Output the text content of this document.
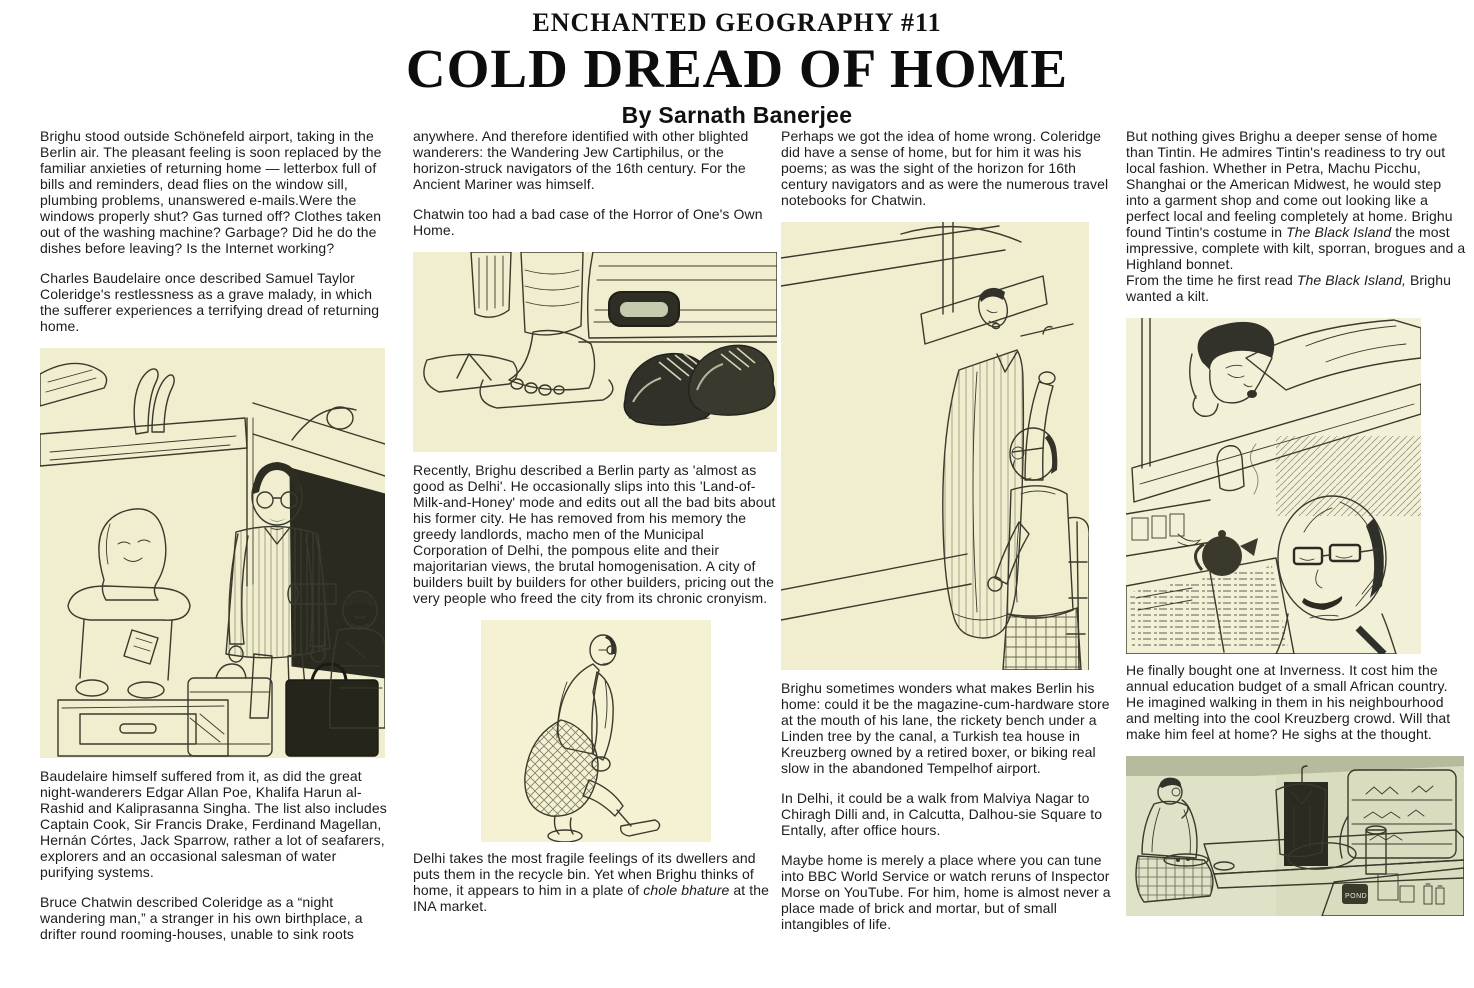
ENCHANTED GEOGRAPHY #11
COLD DREAD OF HOME
By Sarnath Banerjee

Brighu stood outside Schönefeld airport, taking in the Berlin air. The pleasant feeling is soon replaced by the familiar anxieties of returning home — letterbox full of bills and reminders, dead flies on the window sill, plumbing problems, unanswered e-mails.Were the windows properly shut? Gas turned off? Clothes taken out of the washing machine? Garbage? Did he do the dishes before leaving? Is the Internet working?

Charles Baudelaire once described Samuel Taylor Coleridge's restlessness as a grave malady, in which the sufferer experiences a terrifying dread of returning home.

Baudelaire himself suffered from it, as did the great night-wanderers Edgar Allan Poe, Khalifa Harun al-Rashid and Kaliprasanna Singha. The list also includes Captain Cook, Sir Francis Drake, Ferdinand Magellan, Hernán Córtes, Jack Sparrow, rather a lot of seafarers, explorers and an occasional salesman of water purifying systems.

Bruce Chatwin described Coleridge as a “night wandering man,” a stranger in his own birthplace, a drifter round rooming-houses, unable to sink roots

anywhere. And therefore identified with other blighted wanderers: the Wandering Jew Cartiphilus, or the horizon-struck navigators of the 16th century. For the Ancient Mariner was himself.

Chatwin too had a bad case of the Horror of One's Own Home.

Recently, Brighu described a Berlin party as 'almost as good as Delhi'. He occasionally slips into this 'Land-of-Milk-and-Honey' mode and edits out all the bad bits about his former city. He has removed from his memory the greedy landlords, macho men of the Municipal Corporation of Delhi, the pompous elite and their majoritarian views, the brutal homogenisation. A city of builders built by builders for other builders, pricing out the very people who freed the city from its chronic cronyism.

Delhi takes the most fragile feelings of its dwellers and puts them in the recycle bin. Yet when Brighu thinks of home, it appears to him in a plate of chole bhature at the INA market.

Perhaps we got the idea of home wrong. Coleridge did have a sense of home, but for him it was his poems; as was the sight of the horizon for 16th century navigators and as were the numerous travel notebooks for Chatwin.

Brighu sometimes wonders what makes Berlin his home: could it be the magazine-cum-hardware store at the mouth of his lane, the rickety bench under a Linden tree by the canal, a Turkish tea house in Kreuzberg owned by a retired boxer, or biking real slow in the abandoned Tempelhof airport.

In Delhi, it could be a walk from Malviya Nagar to Chiragh Dilli and, in Calcutta, Dalhou-sie Square to Entally, after office hours.

Maybe home is merely a place where you can tune into BBC World Service or watch reruns of Inspector Morse on YouTube. For him, home is almost never a place made of brick and mortar, but of small intangibles of life.

But nothing gives Brighu a deeper sense of home than Tintin. He admires Tintin's readiness to try out local fashion. Whether in Petra, Machu Picchu, Shanghai or the American Midwest, he would step into a garment shop and come out looking like a perfect local and feeling completely at home. Brighu found Tintin's costume in The Black Island the most impressive, complete with kilt, sporran, brogues and a Highland bonnet.
From the time he first read The Black Island, Brighu wanted a kilt.

He finally bought one at Inverness. It cost him the annual education budget of a small African country. He imagined walking in them in his neighbourhood and melting into the cool Kreuzberg crowd. Will that make him feel at home? He sighs at the thought.

POND
